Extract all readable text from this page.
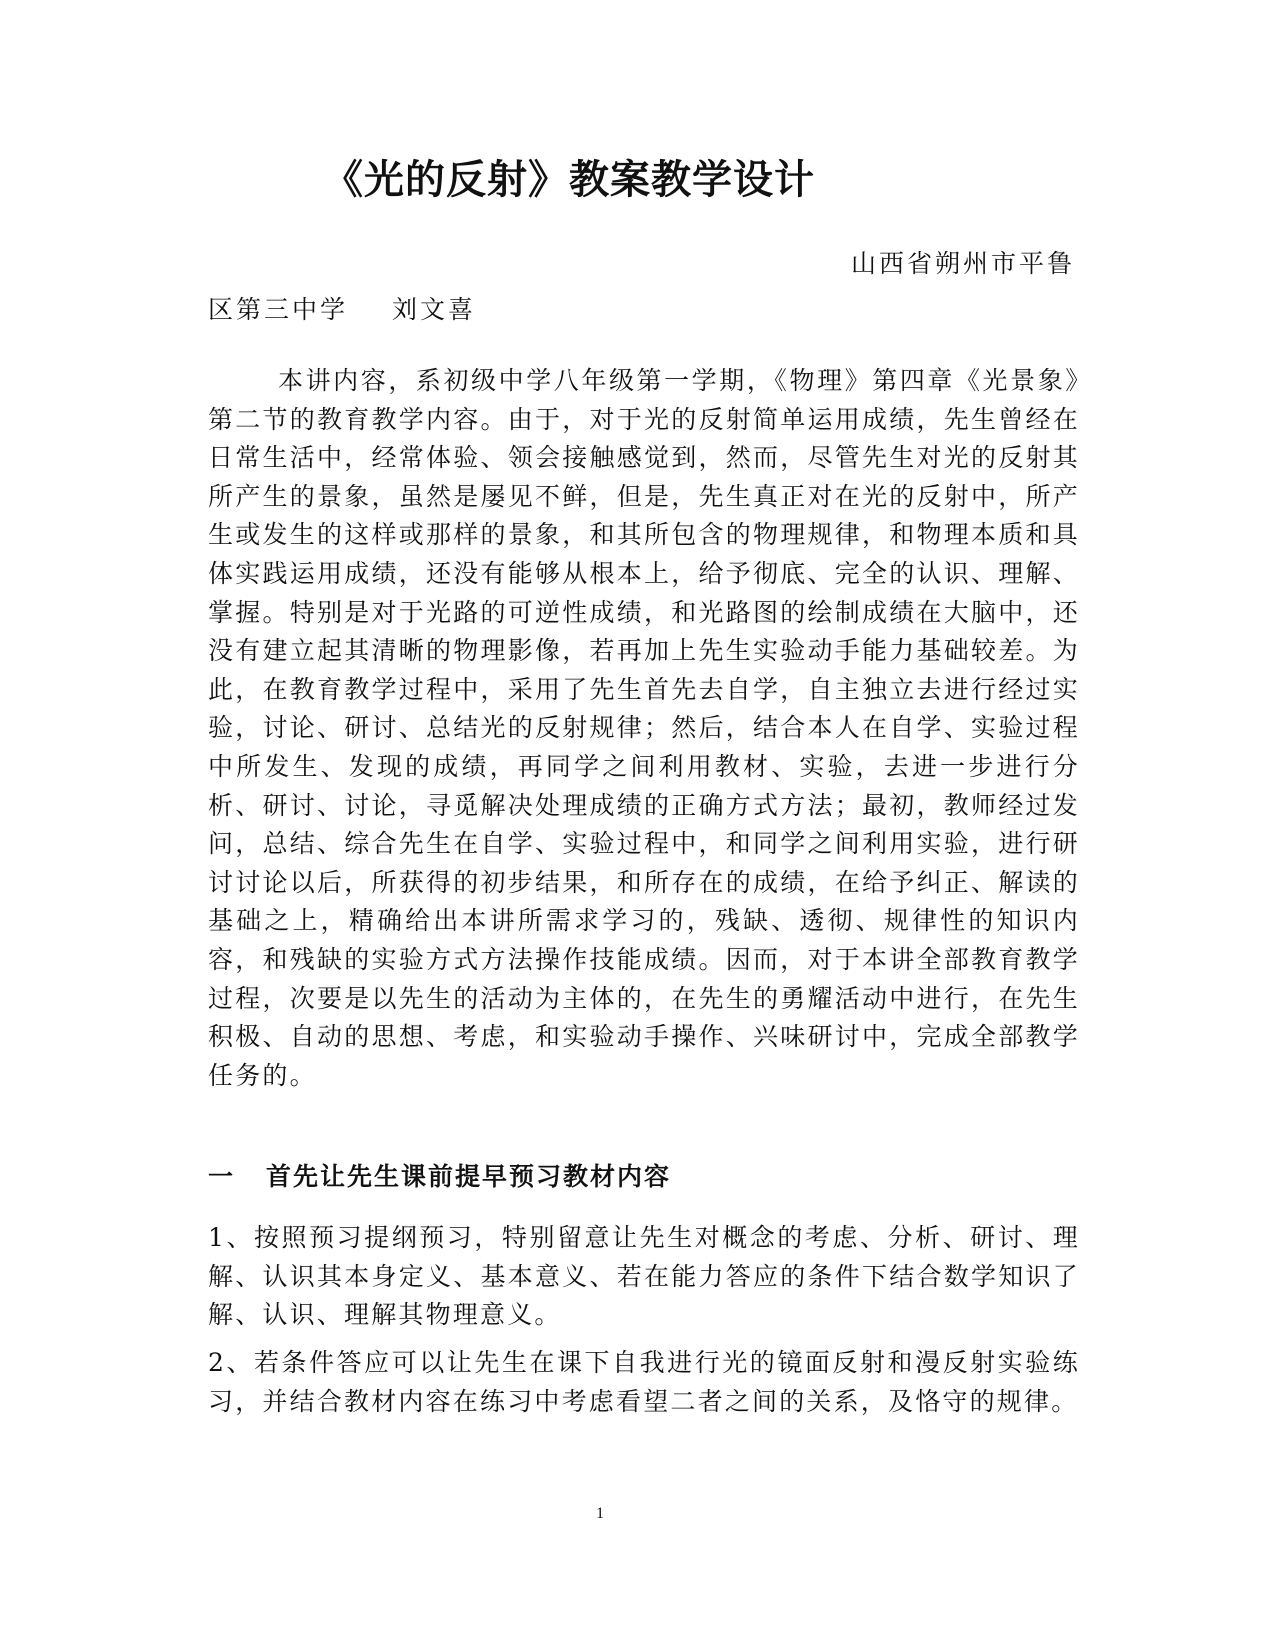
《光的反射》教案教学设计
山西省朔州市平鲁
区第三中学 刘文喜

本讲内容，系初级中学八年级第一学期，《物理》第四章《光景象》第二节的教育教学内容。由于，对于光的反射简单运用成绩，先生曾经在日常生活中，经常体验、领会接触感觉到，然而，尽管先生对光的反射其所产生的景象，虽然是屡见不鲜，但是，先生真正对在光的反射中，所产生或发生的这样或那样的景象，和其所包含的物理规律，和物理本质和具体实践运用成绩，还没有能够从根本上，给予彻底、完全的认识、理解、掌握。特别是对于光路的可逆性成绩，和光路图的绘制成绩在大脑中，还没有建立起其清晰的物理影像，若再加上先生实验动手能力基础较差。为此，在教育教学过程中，采用了先生首先去自学，自主独立去进行经过实验，讨论、研讨、总结光的反射规律；然后，结合本人在自学、实验过程中所发生、发现的成绩，再同学之间利用教材、实验，去进一步进行分析、研讨、讨论，寻觅解决处理成绩的正确方式方法；最初，教师经过发问，总结、综合先生在自学、实验过程中，和同学之间利用实验，进行研讨讨论以后，所获得的初步结果，和所存在的成绩，在给予纠正、解读的基础之上，精确给出本讲所需求学习的，残缺、透彻、规律性的知识内容，和残缺的实验方式方法操作技能成绩。因而，对于本讲全部教育教学过程，次要是以先生的活动为主体的，在先生的勇耀活动中进行，在先生积极、自动的思想、考虑，和实验动手操作、兴味研讨中，完成全部教学任务的。

一 首先让先生课前提早预习教材内容

1、按照预习提纲预习，特别留意让先生对概念的考虑、分析、研讨、理解、认识其本身定义、基本意义、若在能力答应的条件下结合数学知识了解、认识、理解其物理意义。

2、若条件答应可以让先生在课下自我进行光的镜面反射和漫反射实验练习，并结合教材内容在练习中考虑看望二者之间的关系，及恪守的规律。

1
